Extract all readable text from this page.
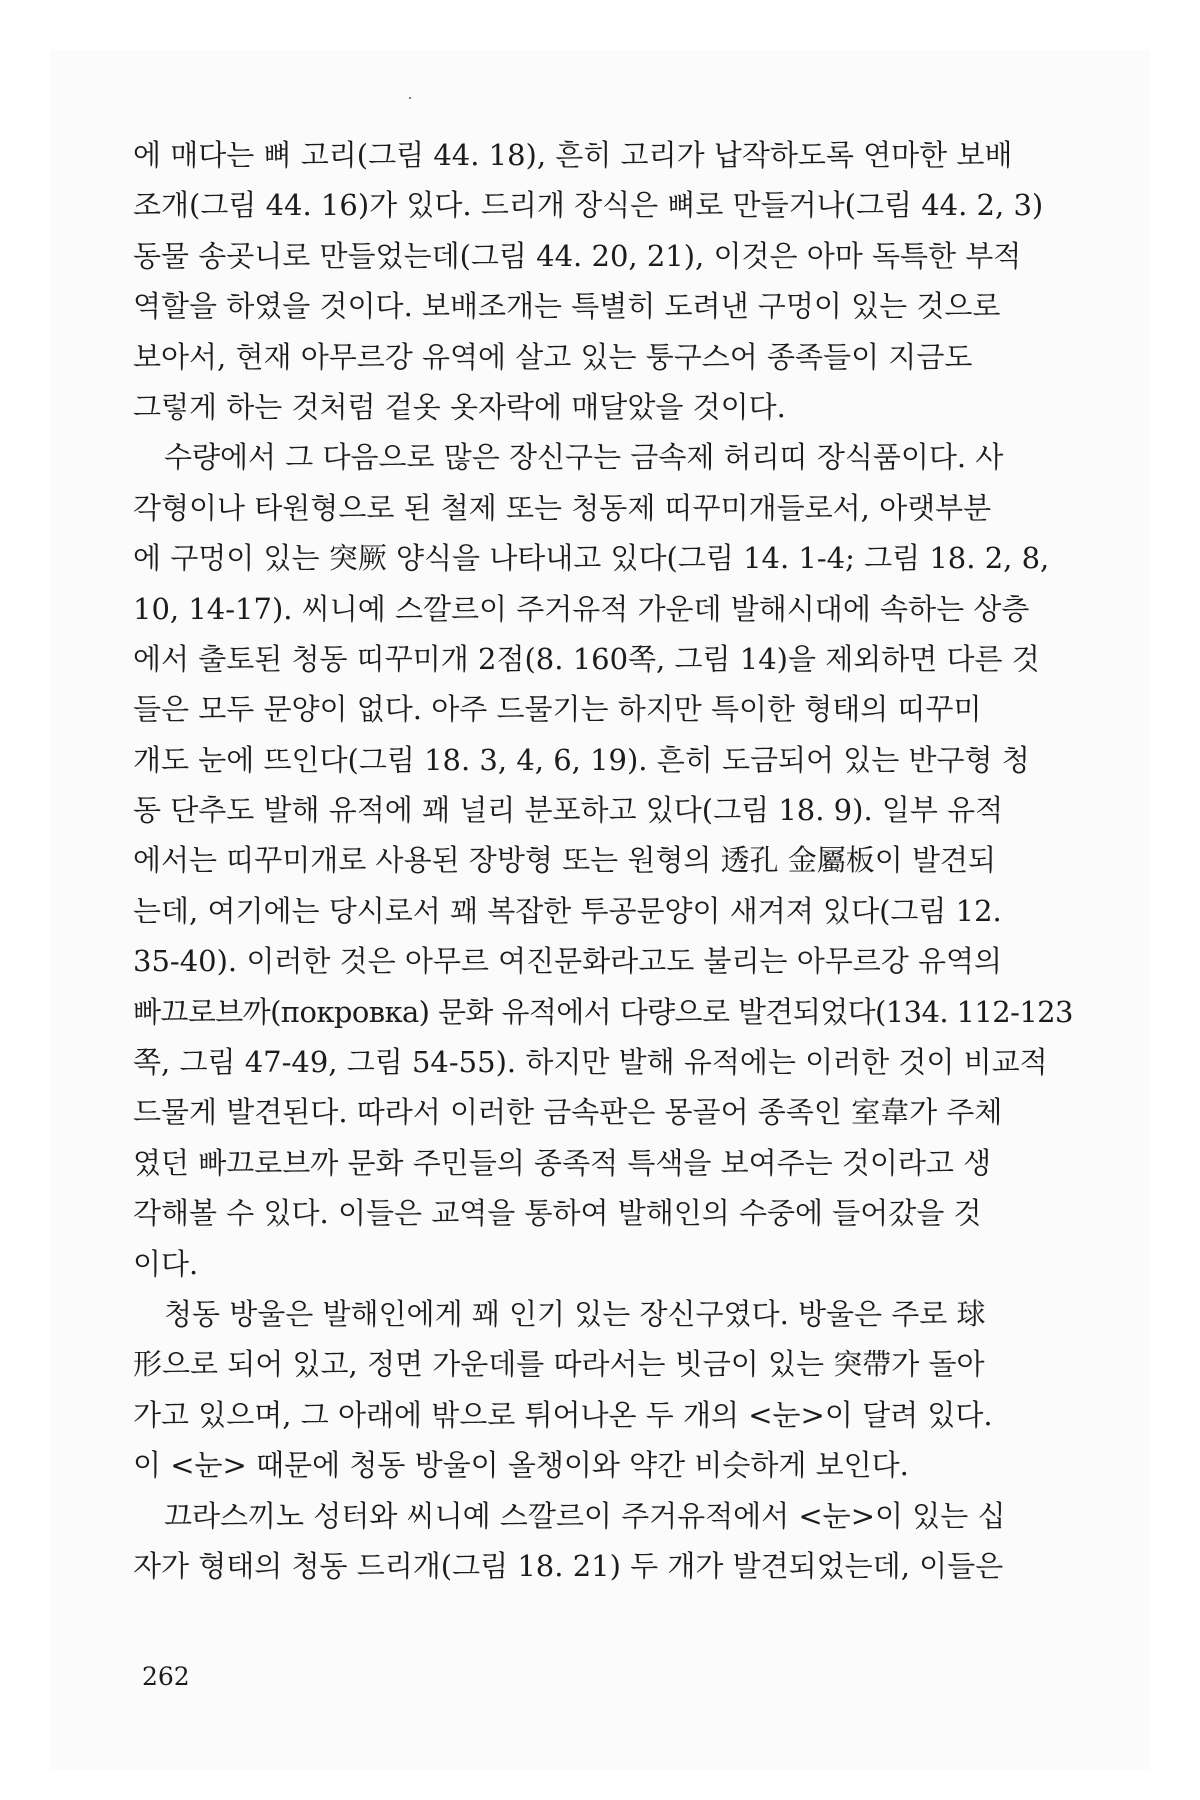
에 매다는 뼈 고리(그림 44. 18), 흔히 고리가 납작하도록 연마한 보배
조개(그림 44. 16)가 있다. 드리개 장식은 뼈로 만들거나(그림 44. 2, 3)
동물 송곳니로 만들었는데(그림 44. 20, 21), 이것은 아마 독특한 부적
역할을 하였을 것이다. 보배조개는 특별히 도려낸 구멍이 있는 것으로
보아서, 현재 아무르강 유역에 살고 있는 퉁구스어 종족들이 지금도
그렇게 하는 것처럼 겉옷 옷자락에 매달았을 것이다.

수량에서 그 다음으로 많은 장신구는 금속제 허리띠 장식품이다. 사
각형이나 타원형으로 된 철제 또는 청동제 띠꾸미개들로서, 아랫부분
에 구멍이 있는 突厥 양식을 나타내고 있다(그림 14. 1-4; 그림 18. 2, 8,
10, 14-17). 씨니예 스깔르이 주거유적 가운데 발해시대에 속하는 상층
에서 출토된 청동 띠꾸미개 2점(8. 160쪽, 그림 14)을 제외하면 다른 것
들은 모두 문양이 없다. 아주 드물기는 하지만 특이한 형태의 띠꾸미
개도 눈에 뜨인다(그림 18. 3, 4, 6, 19). 흔히 도금되어 있는 반구형 청
동 단추도 발해 유적에 꽤 널리 분포하고 있다(그림 18. 9). 일부 유적
에서는 띠꾸미개로 사용된 장방형 또는 원형의 透孔 金屬板이 발견되
는데, 여기에는 당시로서 꽤 복잡한 투공문양이 새겨져 있다(그림 12.
35-40). 이러한 것은 아무르 여진문화라고도 불리는 아무르강 유역의
빠끄로브까(покровка) 문화 유적에서 다량으로 발견되었다(134. 112-123
쪽, 그림 47-49, 그림 54-55). 하지만 발해 유적에는 이러한 것이 비교적
드물게 발견된다. 따라서 이러한 금속판은 몽골어 종족인 室韋가 주체
였던 빠끄로브까 문화 주민들의 종족적 특색을 보여주는 것이라고 생
각해볼 수 있다. 이들은 교역을 통하여 발해인의 수중에 들어갔을 것
이다.

청동 방울은 발해인에게 꽤 인기 있는 장신구였다. 방울은 주로 球
形으로 되어 있고, 정면 가운데를 따라서는 빗금이 있는 突帶가 돌아
가고 있으며, 그 아래에 밖으로 튀어나온 두 개의 <눈>이 달려 있다.
이 <눈> 때문에 청동 방울이 올챙이와 약간 비슷하게 보인다.

끄라스끼노 성터와 씨니예 스깔르이 주거유적에서 <눈>이 있는 십
자가 형태의 청동 드리개(그림 18. 21) 두 개가 발견되었는데, 이들은

262
